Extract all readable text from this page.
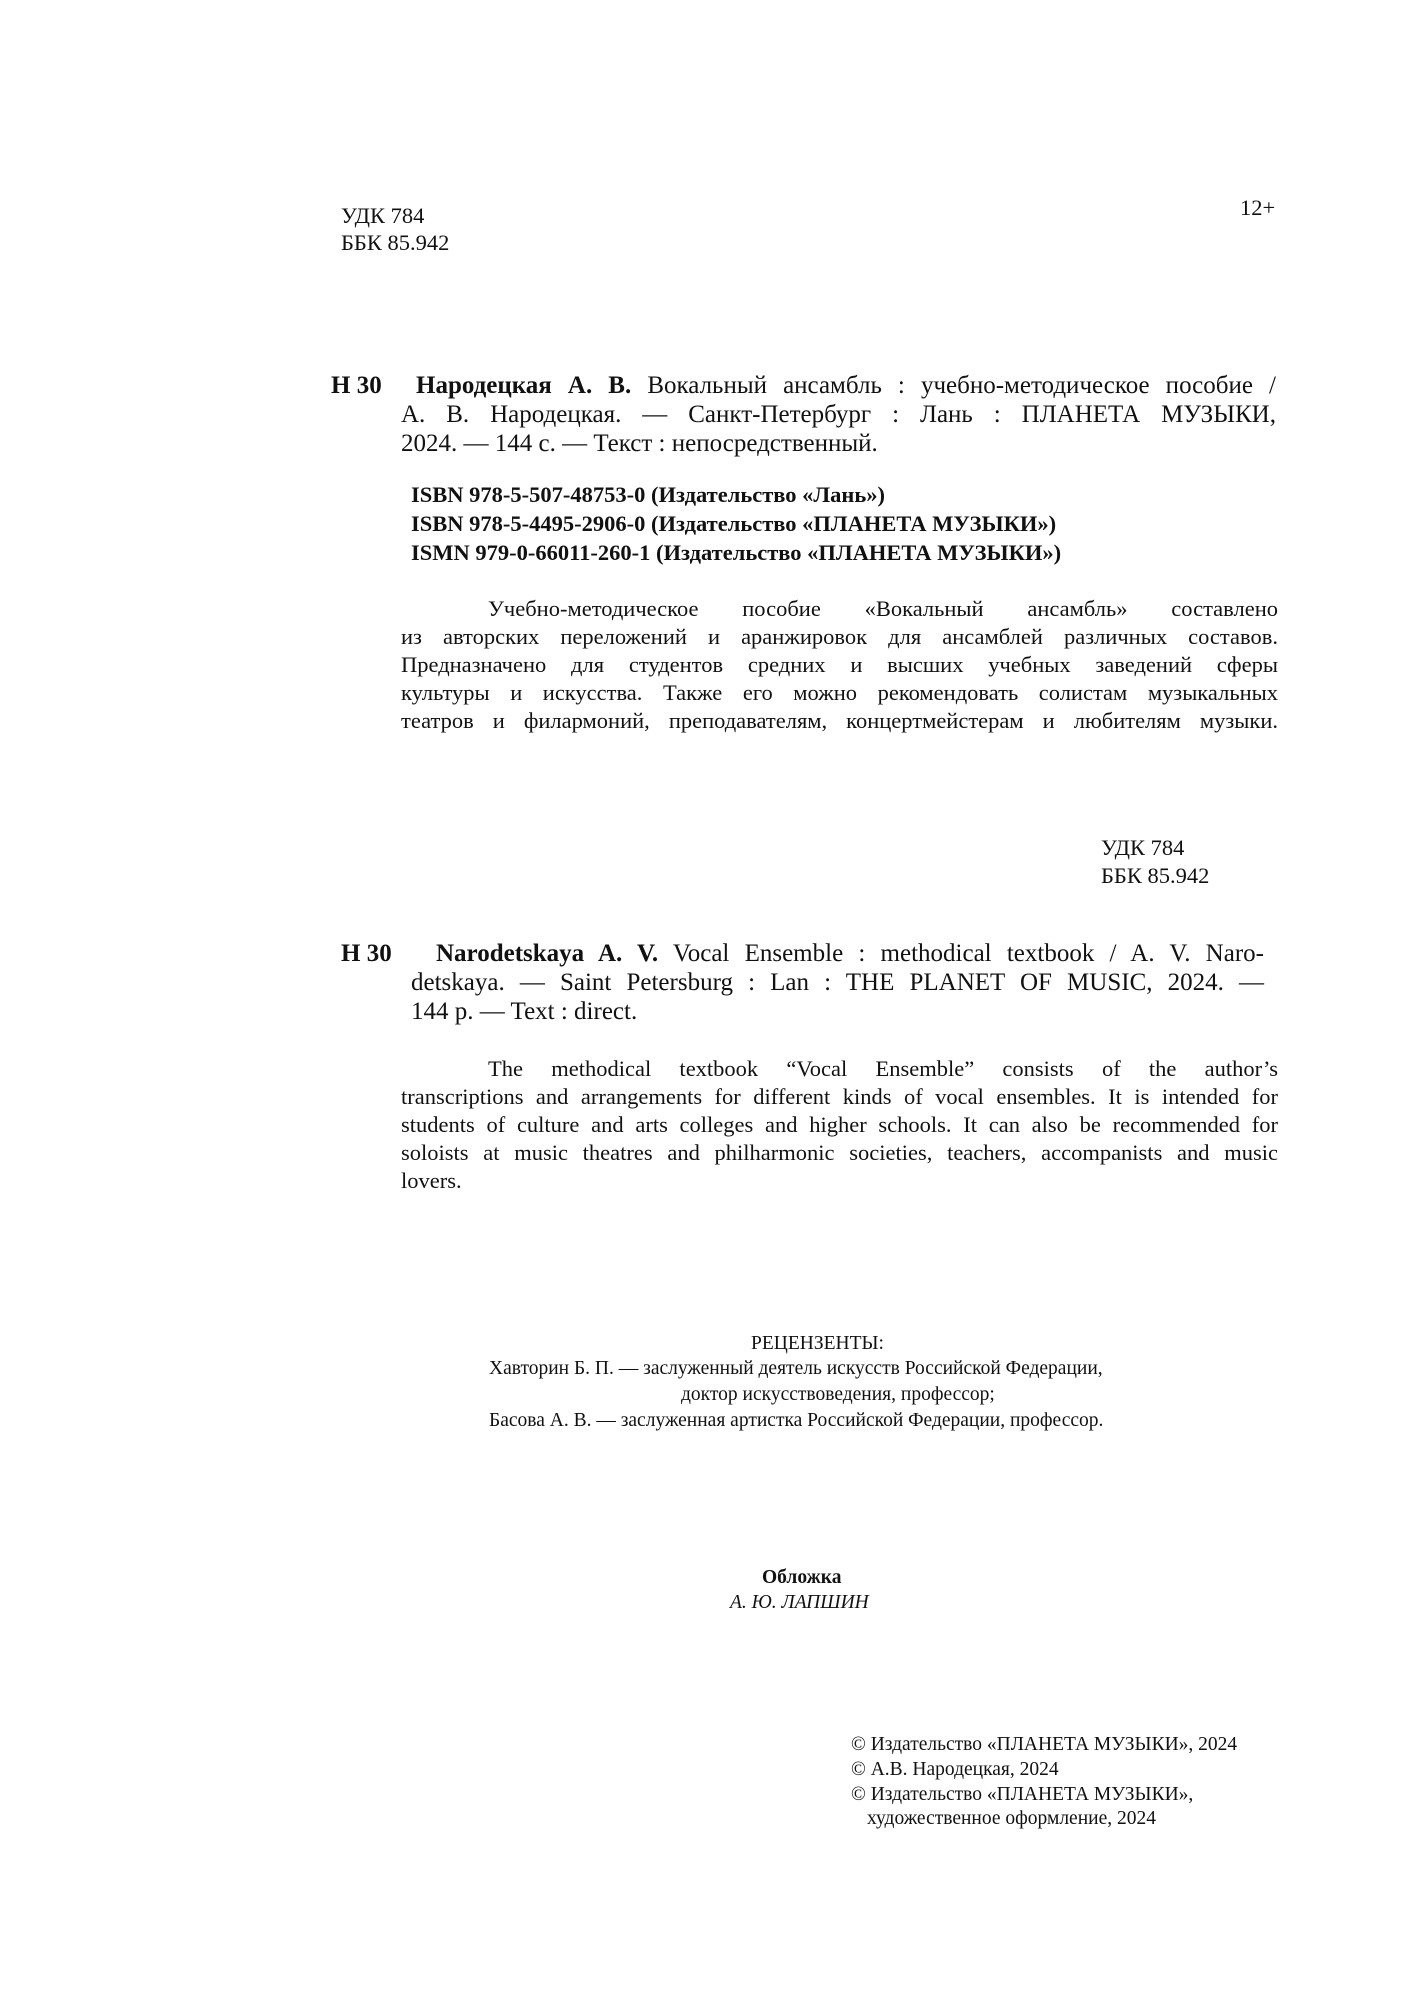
УДК 784
ББК 85.942
12+
Н 30 Народецкая А. В. Вокальный ансамбль : учебно-методическое пособие /
А. В. Народецкая. — Санкт-Петербург : Лань : ПЛАНЕТА МУЗЫКИ,
2024. — 144 с. — Текст : непосредственный.
ISBN 978-5-507-48753-0 (Издательство «Лань»)
ISBN 978-5-4495-2906-0 (Издательство «ПЛАНЕТА МУЗЫКИ»)
ISMN 979-0-66011-260-1 (Издательство «ПЛАНЕТА МУЗЫКИ»)
Учебно-методическое пособие «Вокальный ансамбль» составлено
из авторских переложений и аранжировок для ансамблей различных составов.
Предназначено для студентов средних и высших учебных заведений сферы
культуры и искусства. Также его можно рекомендовать солистам музыкальных
театров и филармоний, преподавателям, концертмейстерам и любителям музыки.
УДК 784
ББК 85.942
Н 30 Narodetskaya A. V. Vocal Ensemble : methodical textbook / A. V. Naro-
detskaya. — Saint Petersburg : Lan : THE PLANET OF MUSIC, 2024. —
144 p. — Text : direct.
The methodical textbook “Vocal Ensemble” consists of the author’s
transcriptions and arrangements for different kinds of vocal ensembles. It is intended for
students of culture and arts colleges and higher schools. It can also be recommended for
soloists at music theatres and philharmonic societies, teachers, accompanists and music
lovers.
РЕЦЕНЗЕНТЫ:
Хавторин Б. П. — заслуженный деятель искусств Российской Федерации,
доктор искусствоведения, профессор;
Басова А. В. — заслуженная артистка Российской Федерации, профессор.
Обложка
А. Ю. ЛАПШИН
© Издательство «ПЛАНЕТА МУЗЫКИ», 2024
© А.В. Народецкая, 2024
© Издательство «ПЛАНЕТА МУЗЫКИ»,
художественное оформление, 2024
